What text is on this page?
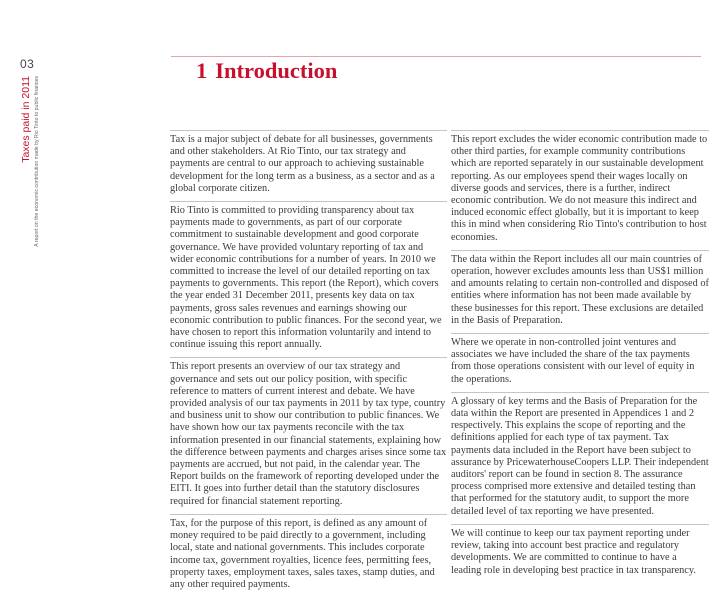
03
Taxes paid in 2011 A report on the economic contribution made by Rio Tinto to public finances
1 Introduction

Tax is a major subject of debate for all businesses, governments and other stakeholders. At Rio Tinto, our tax strategy and payments are central to our approach to achieving sustainable development for the long term as a business, as a sector and as a global corporate citizen.

Rio Tinto is committed to providing transparency about tax payments made to governments, as part of our corporate commitment to sustainable development and good corporate governance. We have provided voluntary reporting of tax and wider economic contributions for a number of years. In 2010 we committed to increase the level of our detailed reporting on tax payments to governments. This report (the Report), which covers the year ended 31 December 2011, presents key data on tax payments, gross sales revenues and earnings showing our economic contribution to public finances. For the second year, we have chosen to report this information voluntarily and intend to continue issuing this report annually.

This report presents an overview of our tax strategy and governance and sets out our policy position, with specific reference to matters of current interest and debate. We have provided analysis of our tax payments in 2011 by tax type, country and business unit to show our contribution to public finances. We have shown how our tax payments reconcile with the tax information presented in our financial statements, explaining how the difference between payments and charges arises since some tax payments are accrued, but not paid, in the calendar year. The Report builds on the framework of reporting developed under the EITI. It goes into further detail than the statutory disclosures required for financial statement reporting.

Tax, for the purpose of this report, is defined as any amount of money required to be paid directly to a government, including local, state and national governments. This includes corporate income tax, government royalties, licence fees, permitting fees, property taxes, employment taxes, sales taxes, stamp duties, and any other required payments.

This report excludes the wider economic contribution made to other third parties, for example community contributions which are reported separately in our sustainable development reporting. As our employees spend their wages locally on diverse goods and services, there is a further, indirect economic contribution. We do not measure this indirect and induced economic effect globally, but it is important to keep this in mind when considering Rio Tinto's contribution to host economies.

The data within the Report includes all our main countries of operation, however excludes amounts less than US$1 million and amounts relating to certain non-controlled and disposed of entities where information has not been made available by these businesses for this report. These exclusions are detailed in the Basis of Preparation.

Where we operate in non-controlled joint ventures and associates we have included the share of the tax payments from those operations consistent with our level of equity in the operations.

A glossary of key terms and the Basis of Preparation for the data within the Report are presented in Appendices 1 and 2 respectively. This explains the scope of reporting and the definitions applied for each type of tax payment. Tax payments data included in the Report have been subject to assurance by PricewaterhouseCoopers LLP. Their independent auditors' report can be found in section 8. The assurance process comprised more extensive and detailed testing than that performed for the statutory audit, to support the more detailed level of tax reporting we have presented.

We will continue to keep our tax payment reporting under review, taking into account best practice and regulatory developments. We are committed to continue to have a leading role in developing best practice in tax transparency.
